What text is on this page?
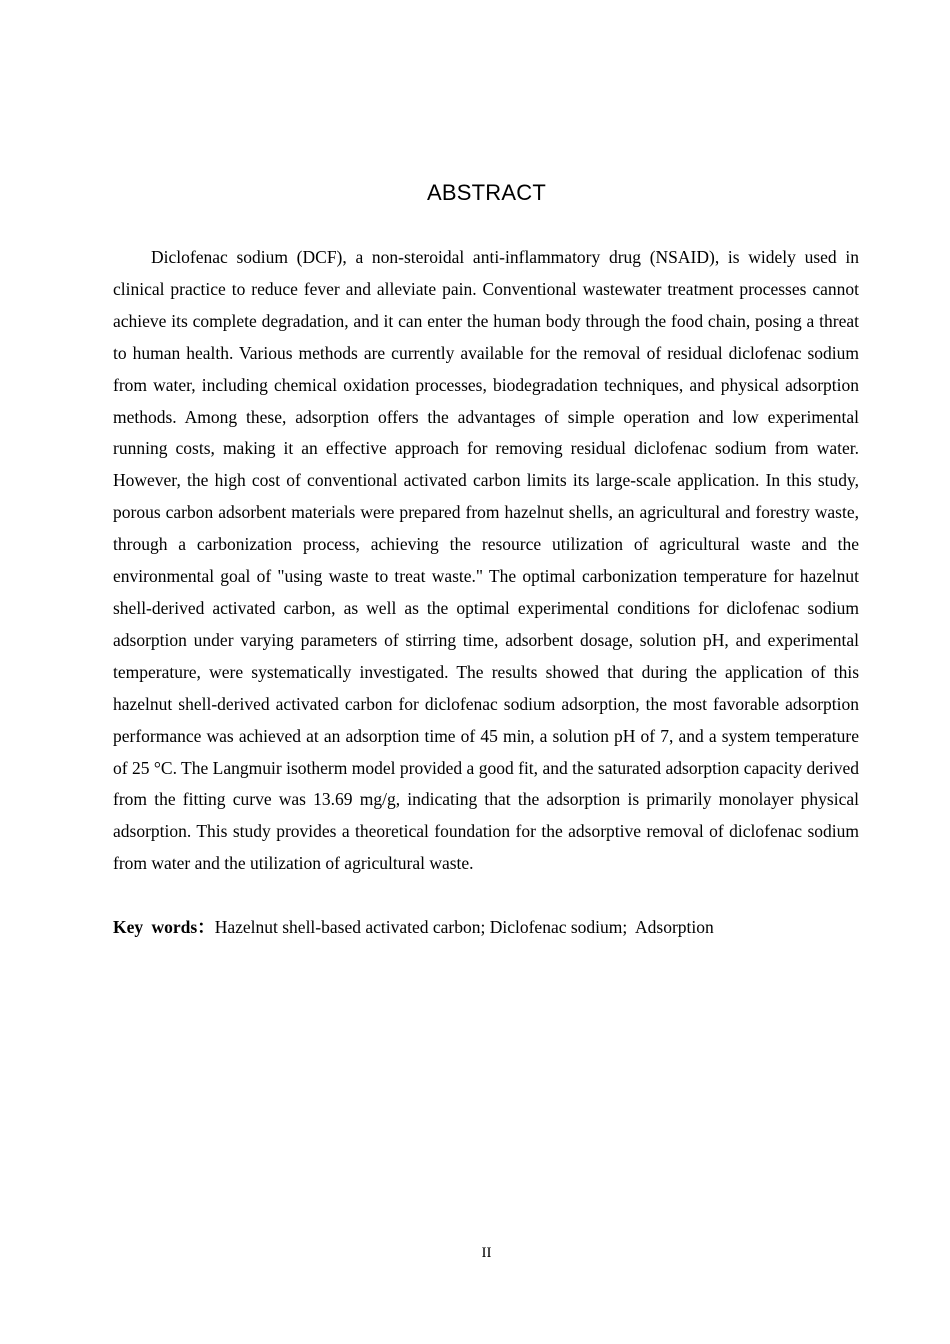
ABSTRACT

Diclofenac sodium (DCF), a non-steroidal anti-inflammatory drug (NSAID), is widely used in clinical practice to reduce fever and alleviate pain. Conventional wastewater treatment processes cannot achieve its complete degradation, and it can enter the human body through the food chain, posing a threat to human health. Various methods are currently available for the removal of residual diclofenac sodium from water, including chemical oxidation processes, biodegradation techniques, and physical adsorption methods. Among these, adsorption offers the advantages of simple operation and low experimental running costs, making it an effective approach for removing residual diclofenac sodium from water. However, the high cost of conventional activated carbon limits its large-scale application. In this study, porous carbon adsorbent materials were prepared from hazelnut shells, an agricultural and forestry waste, through a carbonization process, achieving the resource utilization of agricultural waste and the environmental goal of "using waste to treat waste." The optimal carbonization temperature for hazelnut shell-derived activated carbon, as well as the optimal experimental conditions for diclofenac sodium adsorption under varying parameters of stirring time, adsorbent dosage, solution pH, and experimental temperature, were systematically investigated. The results showed that during the application of this hazelnut shell-derived activated carbon for diclofenac sodium adsorption, the most favorable adsorption performance was achieved at an adsorption time of 45 min, a solution pH of 7, and a system temperature of 25 °C. The Langmuir isotherm model provided a good fit, and the saturated adsorption capacity derived from the fitting curve was 13.69 mg/g, indicating that the adsorption is primarily monolayer physical adsorption. This study provides a theoretical foundation for the adsorptive removal of diclofenac sodium from water and the utilization of agricultural waste.

Key words：Hazelnut shell-based activated carbon; Diclofenac sodium;  Adsorption

II
